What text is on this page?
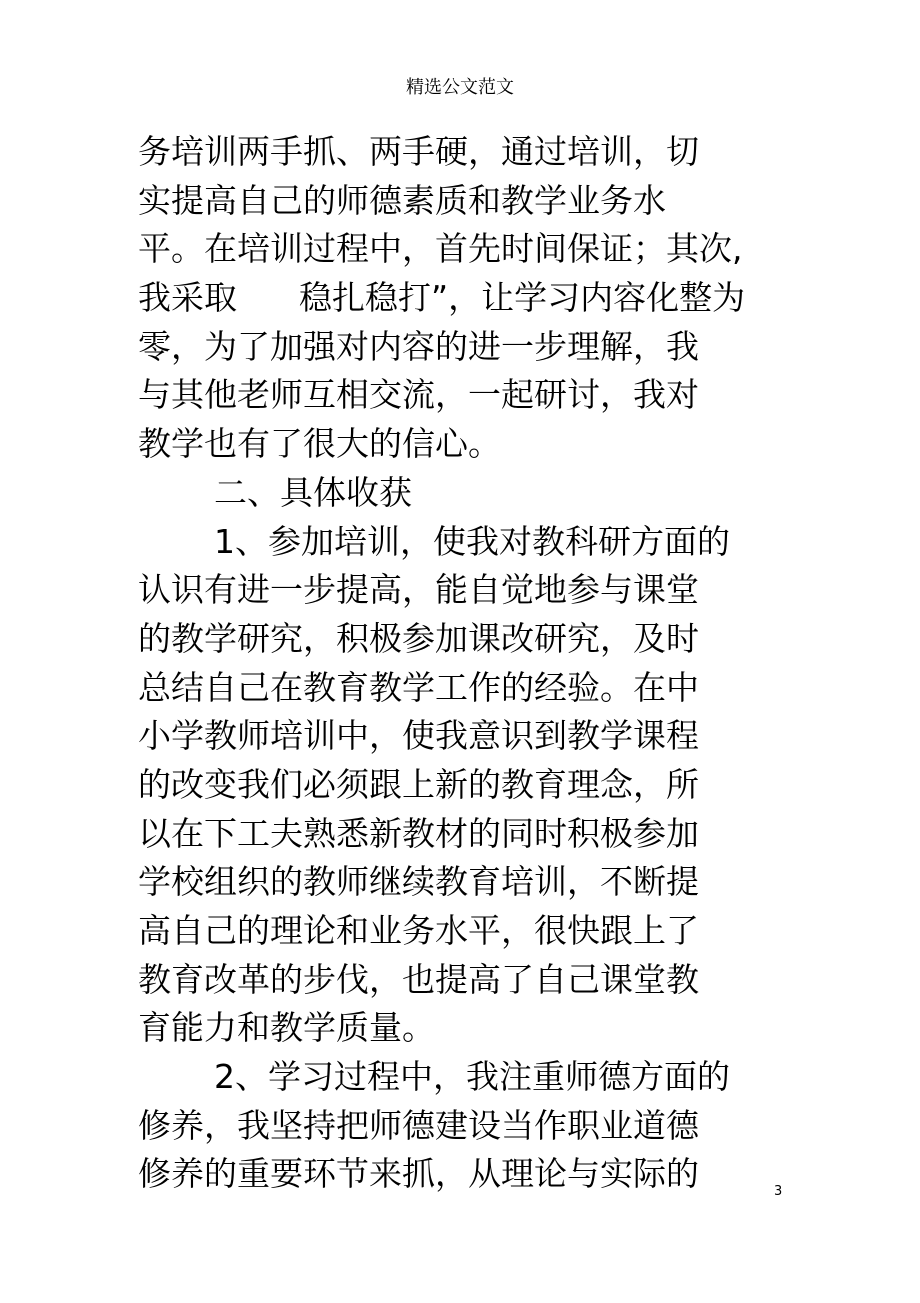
精选公文范文
务培训两手抓、两手硬，通过培训，切
实提高自己的师德素质和教学业务水
平。在培训过程中，首先时间保证；其次,
我采取 稳扎稳打”，让学习内容化整为
零，为了加强对内容的进一步理解，我
与其他老师互相交流，一起研讨，我对
教学也有了很大的信心。
二、具体收获
1、参加培训，使我对教科研方面的
认识有进一步提高，能自觉地参与课堂
的教学研究，积极参加课改研究，及时
总结自己在教育教学工作的经验。在中
小学教师培训中，使我意识到教学课程
的改变我们必须跟上新的教育理念，所
以在下工夫熟悉新教材的同时积极参加
学校组织的教师继续教育培训，不断提
高自己的理论和业务水平，很快跟上了
教育改革的步伐，也提高了自己课堂教
育能力和教学质量。
2、学习过程中，我注重师德方面的
修养，我坚持把师德建设当作职业道德
修养的重要环节来抓，从理论与实际的	3
